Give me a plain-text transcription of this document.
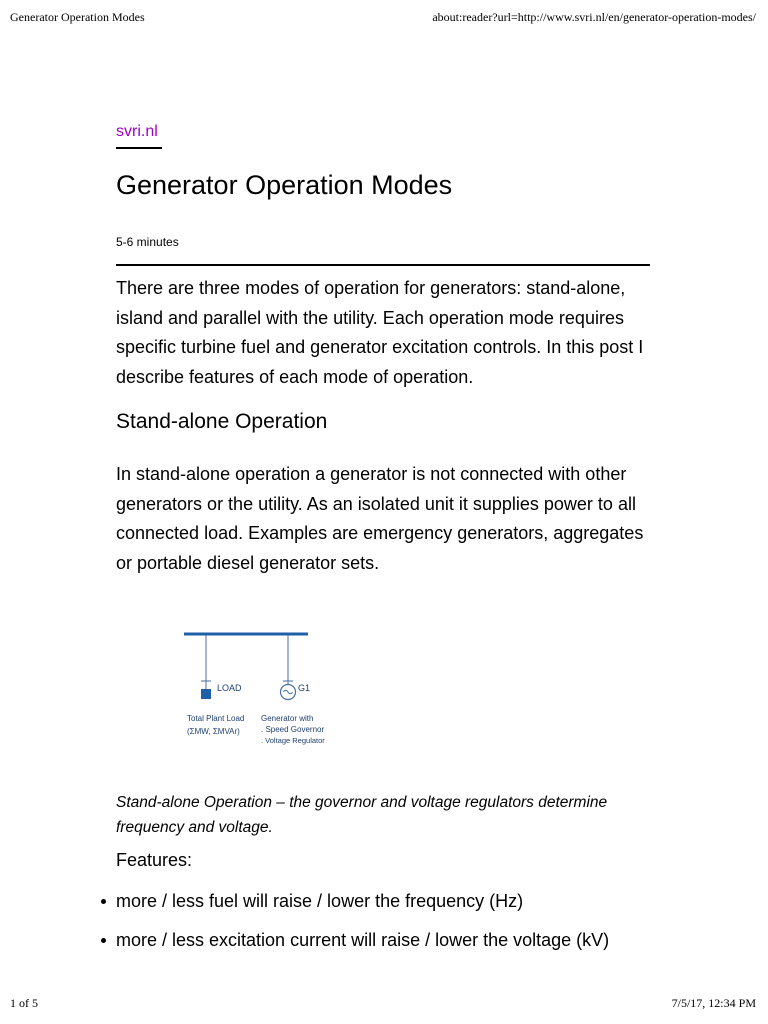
Generator Operation Modes	about:reader?url=http://www.svri.nl/en/generator-operation-modes/
svri.nl
Generator Operation Modes
5-6 minutes

There are three modes of operation for generators: stand-alone, island and parallel with the utility. Each operation mode requires specific turbine fuel and generator excitation controls. In this post I describe features of each mode of operation.

Stand-alone Operation

In stand-alone operation a generator is not connected with other generators or the utility. As an isolated unit it supplies power to all connected load. Examples are emergency generators, aggregates or portable diesel generator sets.

LOAD	G1
Total Plant Load
(ΣMW, ΣMVAr)
Generator with
. Speed Governor
. Voltage Regulator

Stand-alone Operation – the governor and voltage regulators determine frequency and voltage.

Features:

more / less fuel will raise / lower the frequency (Hz)
more / less excitation current will raise / lower the voltage (kV)
1 of 5	7/5/17, 12:34 PM
